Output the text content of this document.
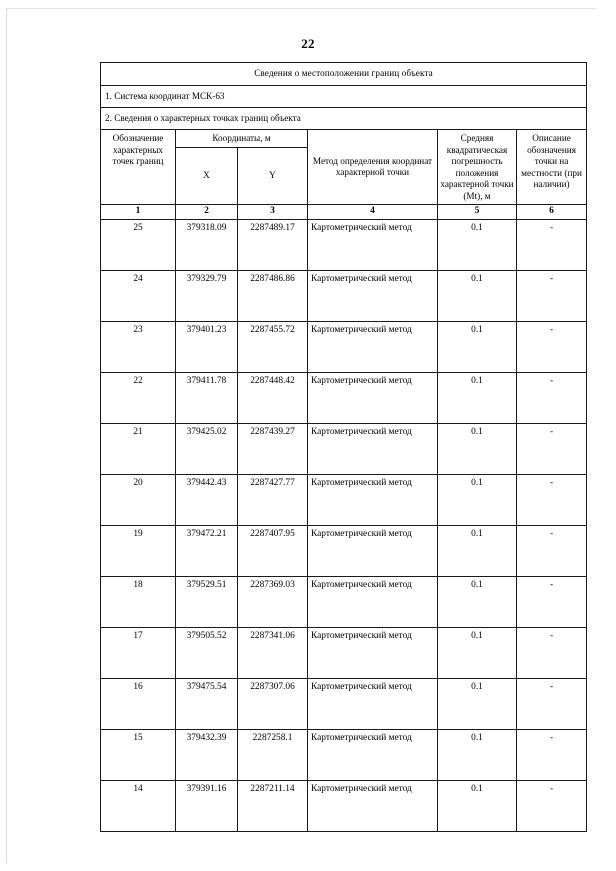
22
Сведения о местоположении границ объекта					
1. Система координат МСК-63					
2. Сведения о характерных точках границ объекта					
Обозначение характерных точек границ	Координаты, м		Метод определения координат характерной точки	Средняя квадратическая погрешность положения характерной точки (Мt), м	Описание обозначения точки на местности (при наличии)
	X	Y			
1	2	3	4	5	6
25	379318.09	2287489.17	Картометрический метод	0.1	-
24	379329.79	2287486.86	Картометрический метод	0.1	-
23	379401.23	2287455.72	Картометрический метод	0.1	-
22	379411.78	2287448.42	Картометрический метод	0.1	-
21	379425.02	2287439.27	Картометрический метод	0.1	-
20	379442.43	2287427.77	Картометрический метод	0.1	-
19	379472.21	2287407.95	Картометрический метод	0.1	-
18	379529.51	2287369.03	Картометрический метод	0.1	-
17	379505.52	2287341.06	Картометрический метод	0.1	-
16	379475.54	2287307.06	Картометрический метод	0.1	-
15	379432.39	2287258.1	Картометрический метод	0.1	-
14	379391.16	2287211.14	Картометрический метод	0.1	-
